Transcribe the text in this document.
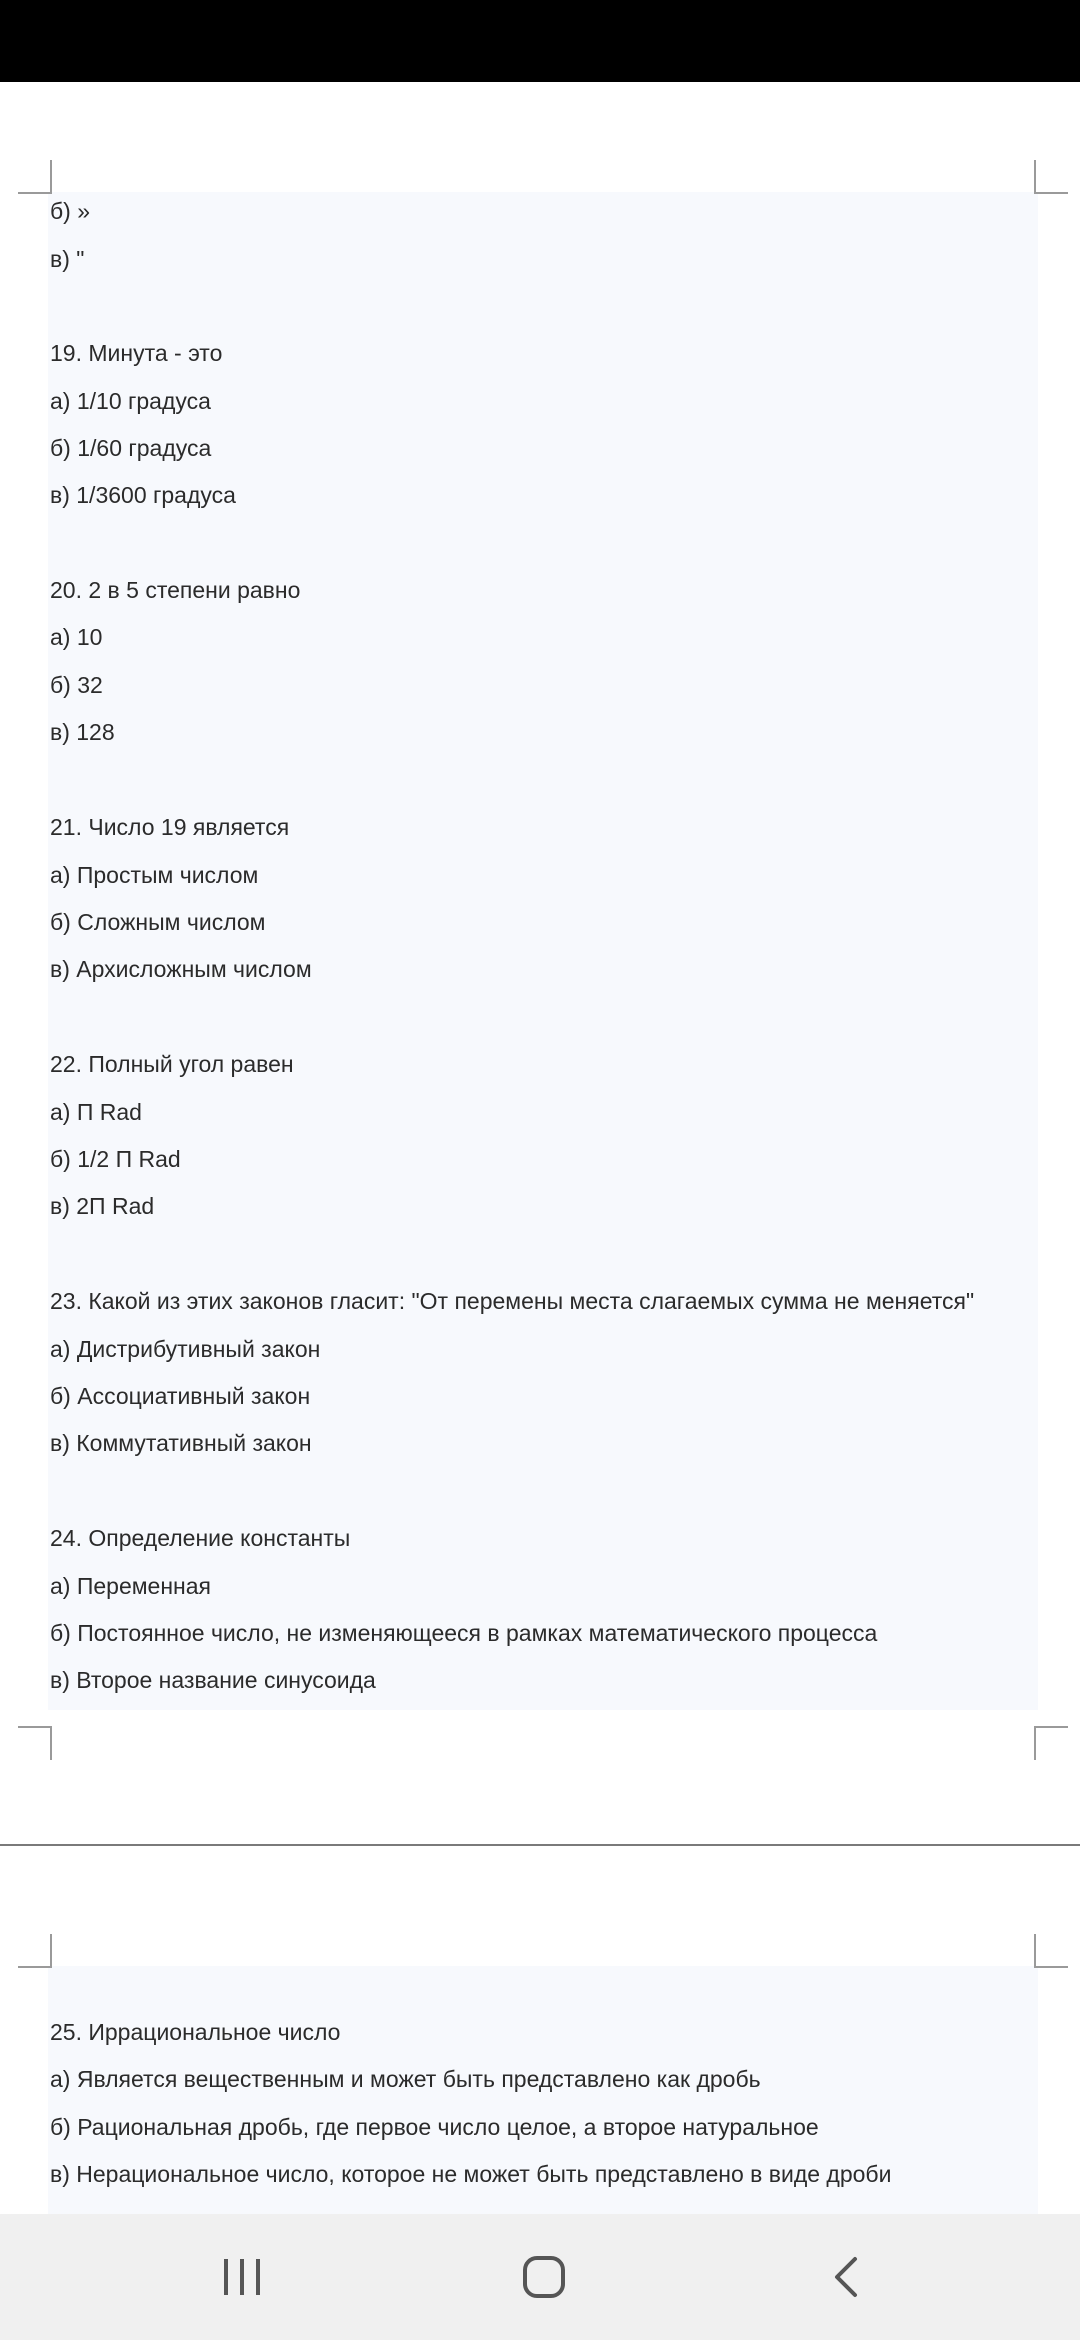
б) »
в) "
19. Минута - это
а) 1/10 градуса
б) 1/60 градуса
в) 1/3600 градуса
20. 2 в 5 степени равно
а) 10
б) 32
в) 128
21. Число 19 является
а) Простым числом
б) Сложным числом
в) Архисложным числом
22. Полный угол равен
а) П Rad
б) 1/2 П Rad
в) 2П Rad
23. Какой из этих законов гласит: "От перемены места слагаемых сумма не меняется"
а) Дистрибутивный закон
б) Ассоциативный закон
в) Коммутативный закон
24. Определение константы
а) Переменная
б) Постоянное число, не изменяющееся в рамках математического процесса
в) Второе название синусоида
25. Иррациональное число
а) Является вещественным и может быть представлено как дробь
б) Рациональная дробь, где первое число целое, а второе натуральное
в) Нерациональное число, которое не может быть представлено в виде дроби
